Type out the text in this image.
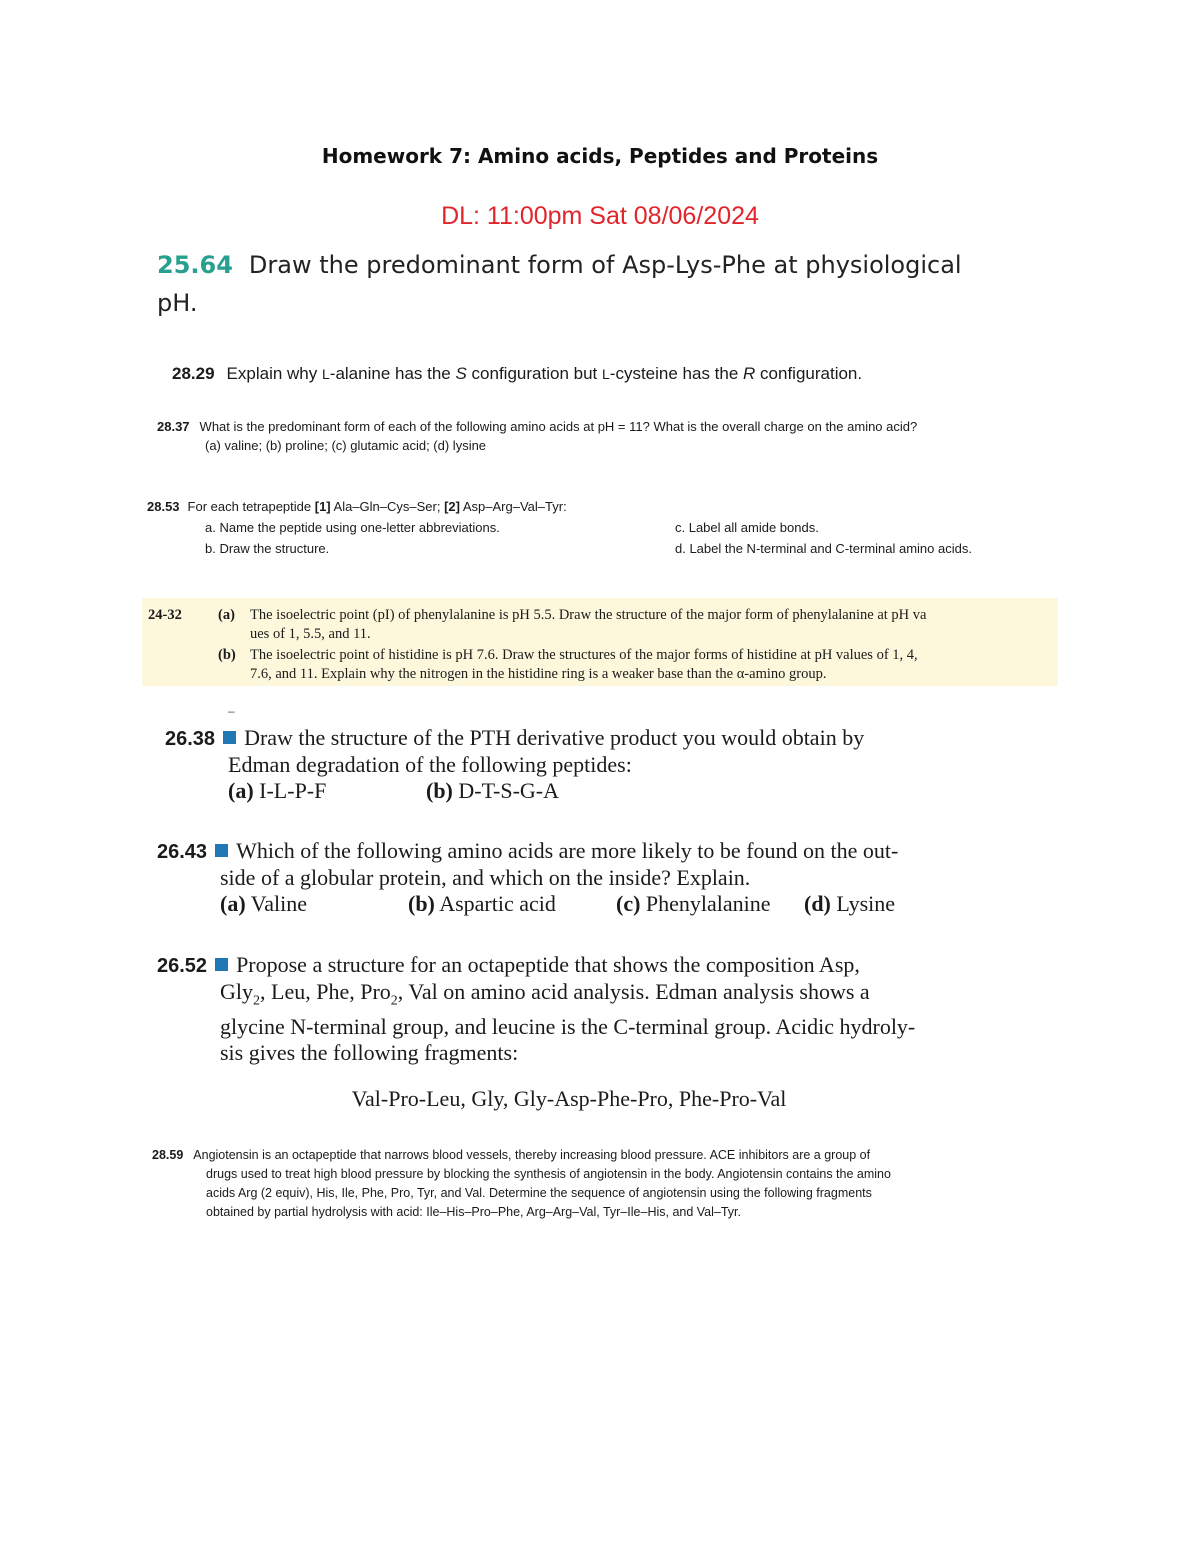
Homework 7: Amino acids, Peptides and Proteins
DL: 11:00pm Sat 08/06/2024
25.64 Draw the predominant form of Asp-Lys-Phe at physiological
pH.
28.29 Explain why L-alanine has the S configuration but L-cysteine has the R configuration.
28.37 What is the predominant form of each of the following amino acids at pH = 11? What is the overall charge on the amino acid?
(a) valine; (b) proline; (c) glutamic acid; (d) lysine
28.53 For each tetrapeptide [1] Ala–Gln–Cys–Ser; [2] Asp–Arg–Val–Tyr:
a. Name the peptide using one-letter abbreviations.	c. Label all amide bonds.
b. Draw the structure.	d. Label the N-terminal and C-terminal amino acids.
24-32 (a) The isoelectric point (pI) of phenylalanine is pH 5.5. Draw the structure of the major form of phenylalanine at pH va
ues of 1, 5.5, and 11.
(b) The isoelectric point of histidine is pH 7.6. Draw the structures of the major forms of histidine at pH values of 1, 4,
7.6, and 11. Explain why the nitrogen in the histidine ring is a weaker base than the α-amino group.
–
26.38 Draw the structure of the PTH derivative product you would obtain by
Edman degradation of the following peptides:
(a) I-L-P-F	(b) D-T-S-G-A
26.43 Which of the following amino acids are more likely to be found on the out-
side of a globular protein, and which on the inside? Explain.
(a) Valine	(b) Aspartic acid	(c) Phenylalanine (d) Lysine
26.52 Propose a structure for an octapeptide that shows the composition Asp,
Gly$_2$, Leu, Phe, Pro$_2$, Val on amino acid analysis. Edman analysis shows a
glycine N-terminal group, and leucine is the C-terminal group. Acidic hydroly-
sis gives the following fragments:
Val-Pro-Leu, Gly, Gly-Asp-Phe-Pro, Phe-Pro-Val
28.59 Angiotensin is an octapeptide that narrows blood vessels, thereby increasing blood pressure. ACE inhibitors are a group of
drugs used to treat high blood pressure by blocking the synthesis of angiotensin in the body. Angiotensin contains the amino
acids Arg (2 equiv), His, Ile, Phe, Pro, Tyr, and Val. Determine the sequence of angiotensin using the following fragments
obtained by partial hydrolysis with acid: Ile–His–Pro–Phe, Arg–Arg–Val, Tyr–Ile–His, and Val–Tyr.
